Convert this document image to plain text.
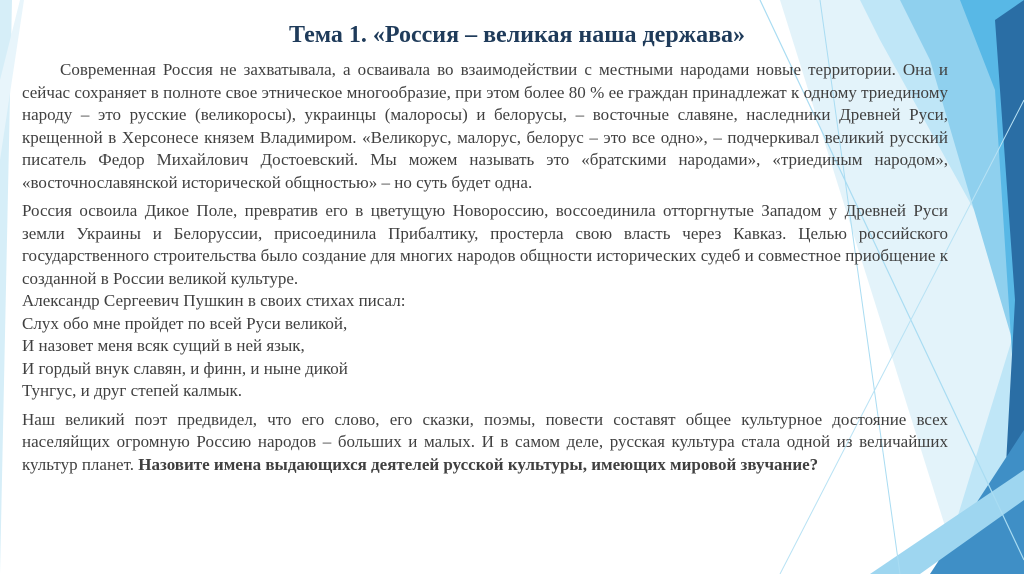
Тема 1. «Россия – великая наша держава»

Современная Россия не захватывала, а осваивала во взаимодействии с местными народами новые территории. Она и сейчас сохраняет в полноте свое этническое многообразие, при этом более 80 % ее граждан принадлежат к одному триединому народу – это русские (великоросы), украинцы (малоросы) и белорусы, – восточные славяне, наследники Древней Руси, крещенной в Херсонесе князем Владимиром. «Великорус, малорус, белорус – это все одно», – подчеркивал великий русский писатель Федор Михайлович Достоевский. Мы можем называть это «братскими народами», «триединым народом», «восточнославянской исторической общностью» – но суть будет одна.

Россия освоила Дикое Поле, превратив его в цветущую Новороссию, воссоединила отторгнутые Западом у Древней Руси земли Украины и Белоруссии, присоединила Прибалтику, простерла свою власть через Кавказ. Целью российского государственного строительства было создание для многих народов общности исторических судеб и совместное приобщение к созданной в России великой культуре.

Александр Сергеевич Пушкин в своих стихах писал:

Слух обо мне пройдет по всей Руси великой,
И назовет меня всяк сущий в ней язык,
И гордый внук славян, и финн, и ныне дикой
Тунгус, и друг степей калмык.

Наш великий поэт предвидел, что его слово, его сказки, поэмы, повести составят общее культурное достояние всех населяйщих огромную Россию народов – больших и малых. И в самом деле, русская культура стала одной из величайших культур планет. Назовите имена выдающихся деятелей русской культуры, имеющих мировой звучание?
